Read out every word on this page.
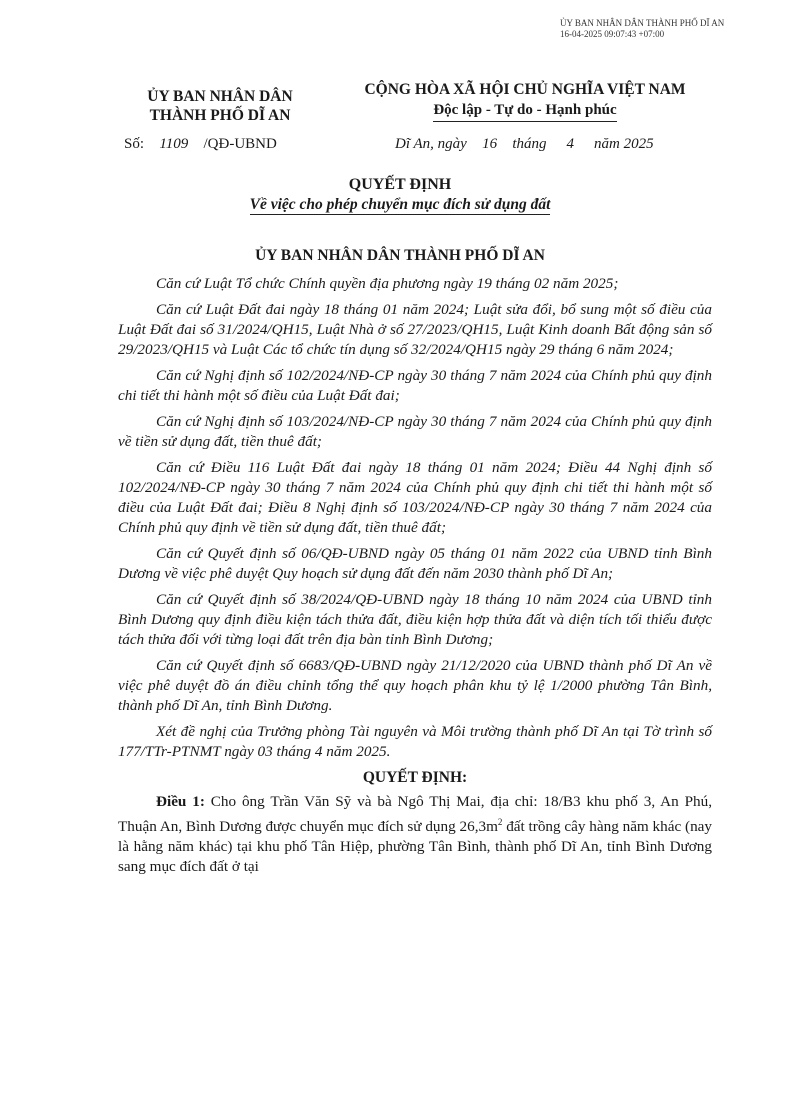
ỦY BAN NHÂN DÂN THÀNH PHỐ DĨ AN
16-04-2025 09:07:43 +07:00
ỦY BAN NHÂN DÂN
THÀNH PHỐ DĨ AN
CỘNG HÒA XÃ HỘI CHỦ NGHĨA VIỆT NAM
Độc lập - Tự do - Hạnh phúc
Số: 1109 /QĐ-UBND	Dĩ An, ngày 16 tháng 4 năm 2025
QUYẾT ĐỊNH
Về việc cho phép chuyển mục đích sử dụng đất
ỦY BAN NHÂN DÂN THÀNH PHỐ DĨ AN

Căn cứ Luật Tổ chức Chính quyền địa phương ngày 19 tháng 02 năm 2025;

Căn cứ Luật Đất đai ngày 18 tháng 01 năm 2024; Luật sửa đổi, bổ sung một số điều của Luật Đất đai số 31/2024/QH15, Luật Nhà ở số 27/2023/QH15, Luật Kinh doanh Bất động sản số 29/2023/QH15 và Luật Các tổ chức tín dụng số 32/2024/QH15 ngày 29 tháng 6 năm 2024;

Căn cứ Nghị định số 102/2024/NĐ-CP ngày 30 tháng 7 năm 2024 của Chính phủ quy định chi tiết thi hành một số điều của Luật Đất đai;

Căn cứ Nghị định số 103/2024/NĐ-CP ngày 30 tháng 7 năm 2024 của Chính phủ quy định về tiền sử dụng đất, tiền thuê đất;

Căn cứ Điều 116 Luật Đất đai ngày 18 tháng 01 năm 2024; Điều 44 Nghị định số 102/2024/NĐ-CP ngày 30 tháng 7 năm 2024 của Chính phủ quy định chi tiết thi hành một số điều của Luật Đất đai; Điều 8 Nghị định số 103/2024/NĐ-CP ngày 30 tháng 7 năm 2024 của Chính phủ quy định về tiền sử dụng đất, tiền thuê đất;

Căn cứ Quyết định số 06/QĐ-UBND ngày 05 tháng 01 năm 2022 của UBND tỉnh Bình Dương về việc phê duyệt Quy hoạch sử dụng đất đến năm 2030 thành phố Dĩ An;

Căn cứ Quyết định số 38/2024/QĐ-UBND ngày 18 tháng 10 năm 2024 của UBND tỉnh Bình Dương quy định điều kiện tách thửa đất, điều kiện hợp thửa đất và diện tích tối thiểu được tách thửa đối với từng loại đất trên địa bàn tỉnh Bình Dương;

Căn cứ Quyết định số 6683/QĐ-UBND ngày 21/12/2020 của UBND thành phố Dĩ An về việc phê duyệt đồ án điều chỉnh tổng thể quy hoạch phân khu tỷ lệ 1/2000 phường Tân Bình, thành phố Dĩ An, tỉnh Bình Dương.

Xét đề nghị của Trưởng phòng Tài nguyên và Môi trường thành phố Dĩ An tại Tờ trình số 177/TTr-PTNMT ngày 03 tháng 4 năm 2025.

QUYẾT ĐỊNH:

Điều 1: Cho ông Trần Văn Sỹ và bà Ngô Thị Mai, địa chỉ: 18/B3 khu phố 3, An Phú, Thuận An, Bình Dương được chuyển mục đích sử dụng $26,3m^2$ đất trồng cây hàng năm khác (nay là hằng năm khác) tại khu phố Tân Hiệp, phường Tân Bình, thành phố Dĩ An, tỉnh Bình Dương sang mục đích đất ở tại
